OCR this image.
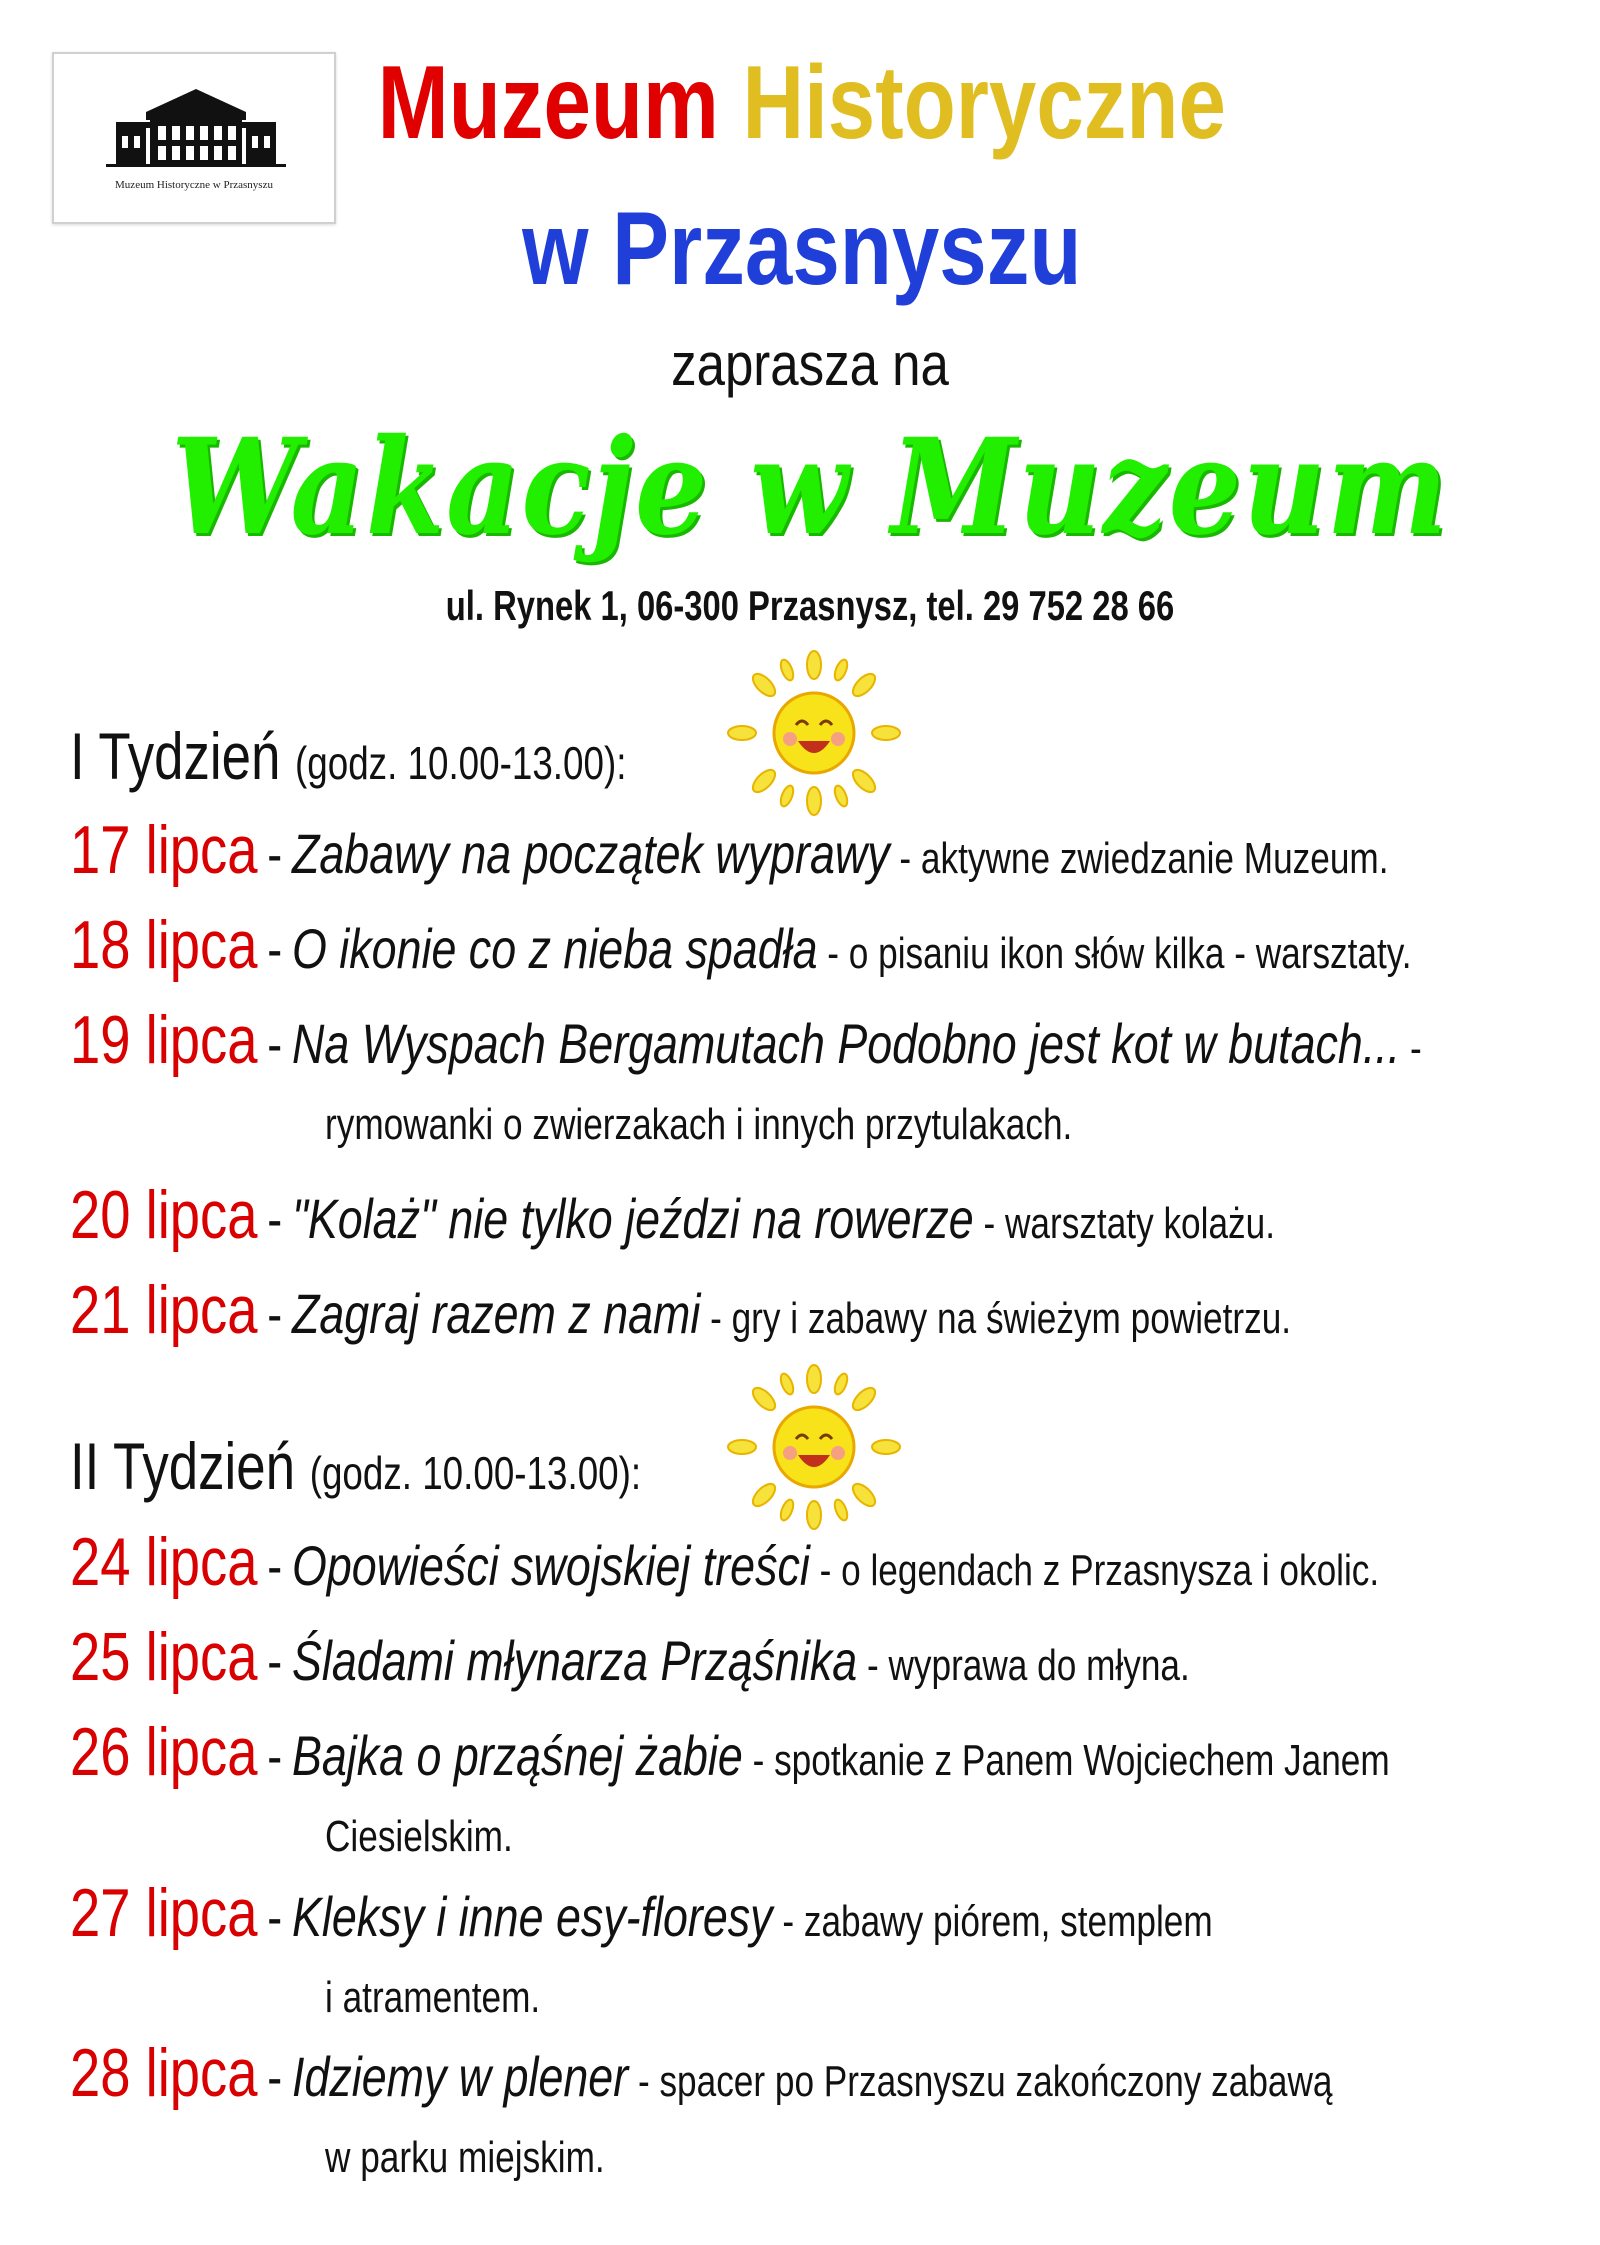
Muzeum Historyczne w Przasnyszu
Muzeum Historyczne
w Przasnyszu
zaprasza na
Wakacje w Muzeum
ul. Rynek 1, 06-300 Przasnysz, tel. 29 752 28 66
I Tydzień (godz. 10.00-13.00):
17 lipca - Zabawy na początek wyprawy - aktywne zwiedzanie Muzeum.
18 lipca - O ikonie co z nieba spadła - o pisaniu ikon słów kilka - warsztaty.
19 lipca - Na Wyspach Bergamutach Podobno jest kot w butach... -
rymowanki o zwierzakach i innych przytulakach.
20 lipca - "Kolaż" nie tylko jeździ na rowerze - warsztaty kolażu.
21 lipca - Zagraj razem z nami - gry i zabawy na świeżym powietrzu.
II Tydzień (godz. 10.00-13.00):
24 lipca - Opowieści swojskiej treści - o legendach z Przasnysza i okolic.
25 lipca - Śladami młynarza Prząśnika - wyprawa do młyna.
26 lipca - Bajka o prząśnej żabie - spotkanie z Panem Wojciechem Janem
Ciesielskim.
27 lipca - Kleksy i inne esy-floresy - zabawy piórem, stemplem
i atramentem.
28 lipca - Idziemy w plener - spacer po Przasnyszu zakończony zabawą
w parku miejskim.
